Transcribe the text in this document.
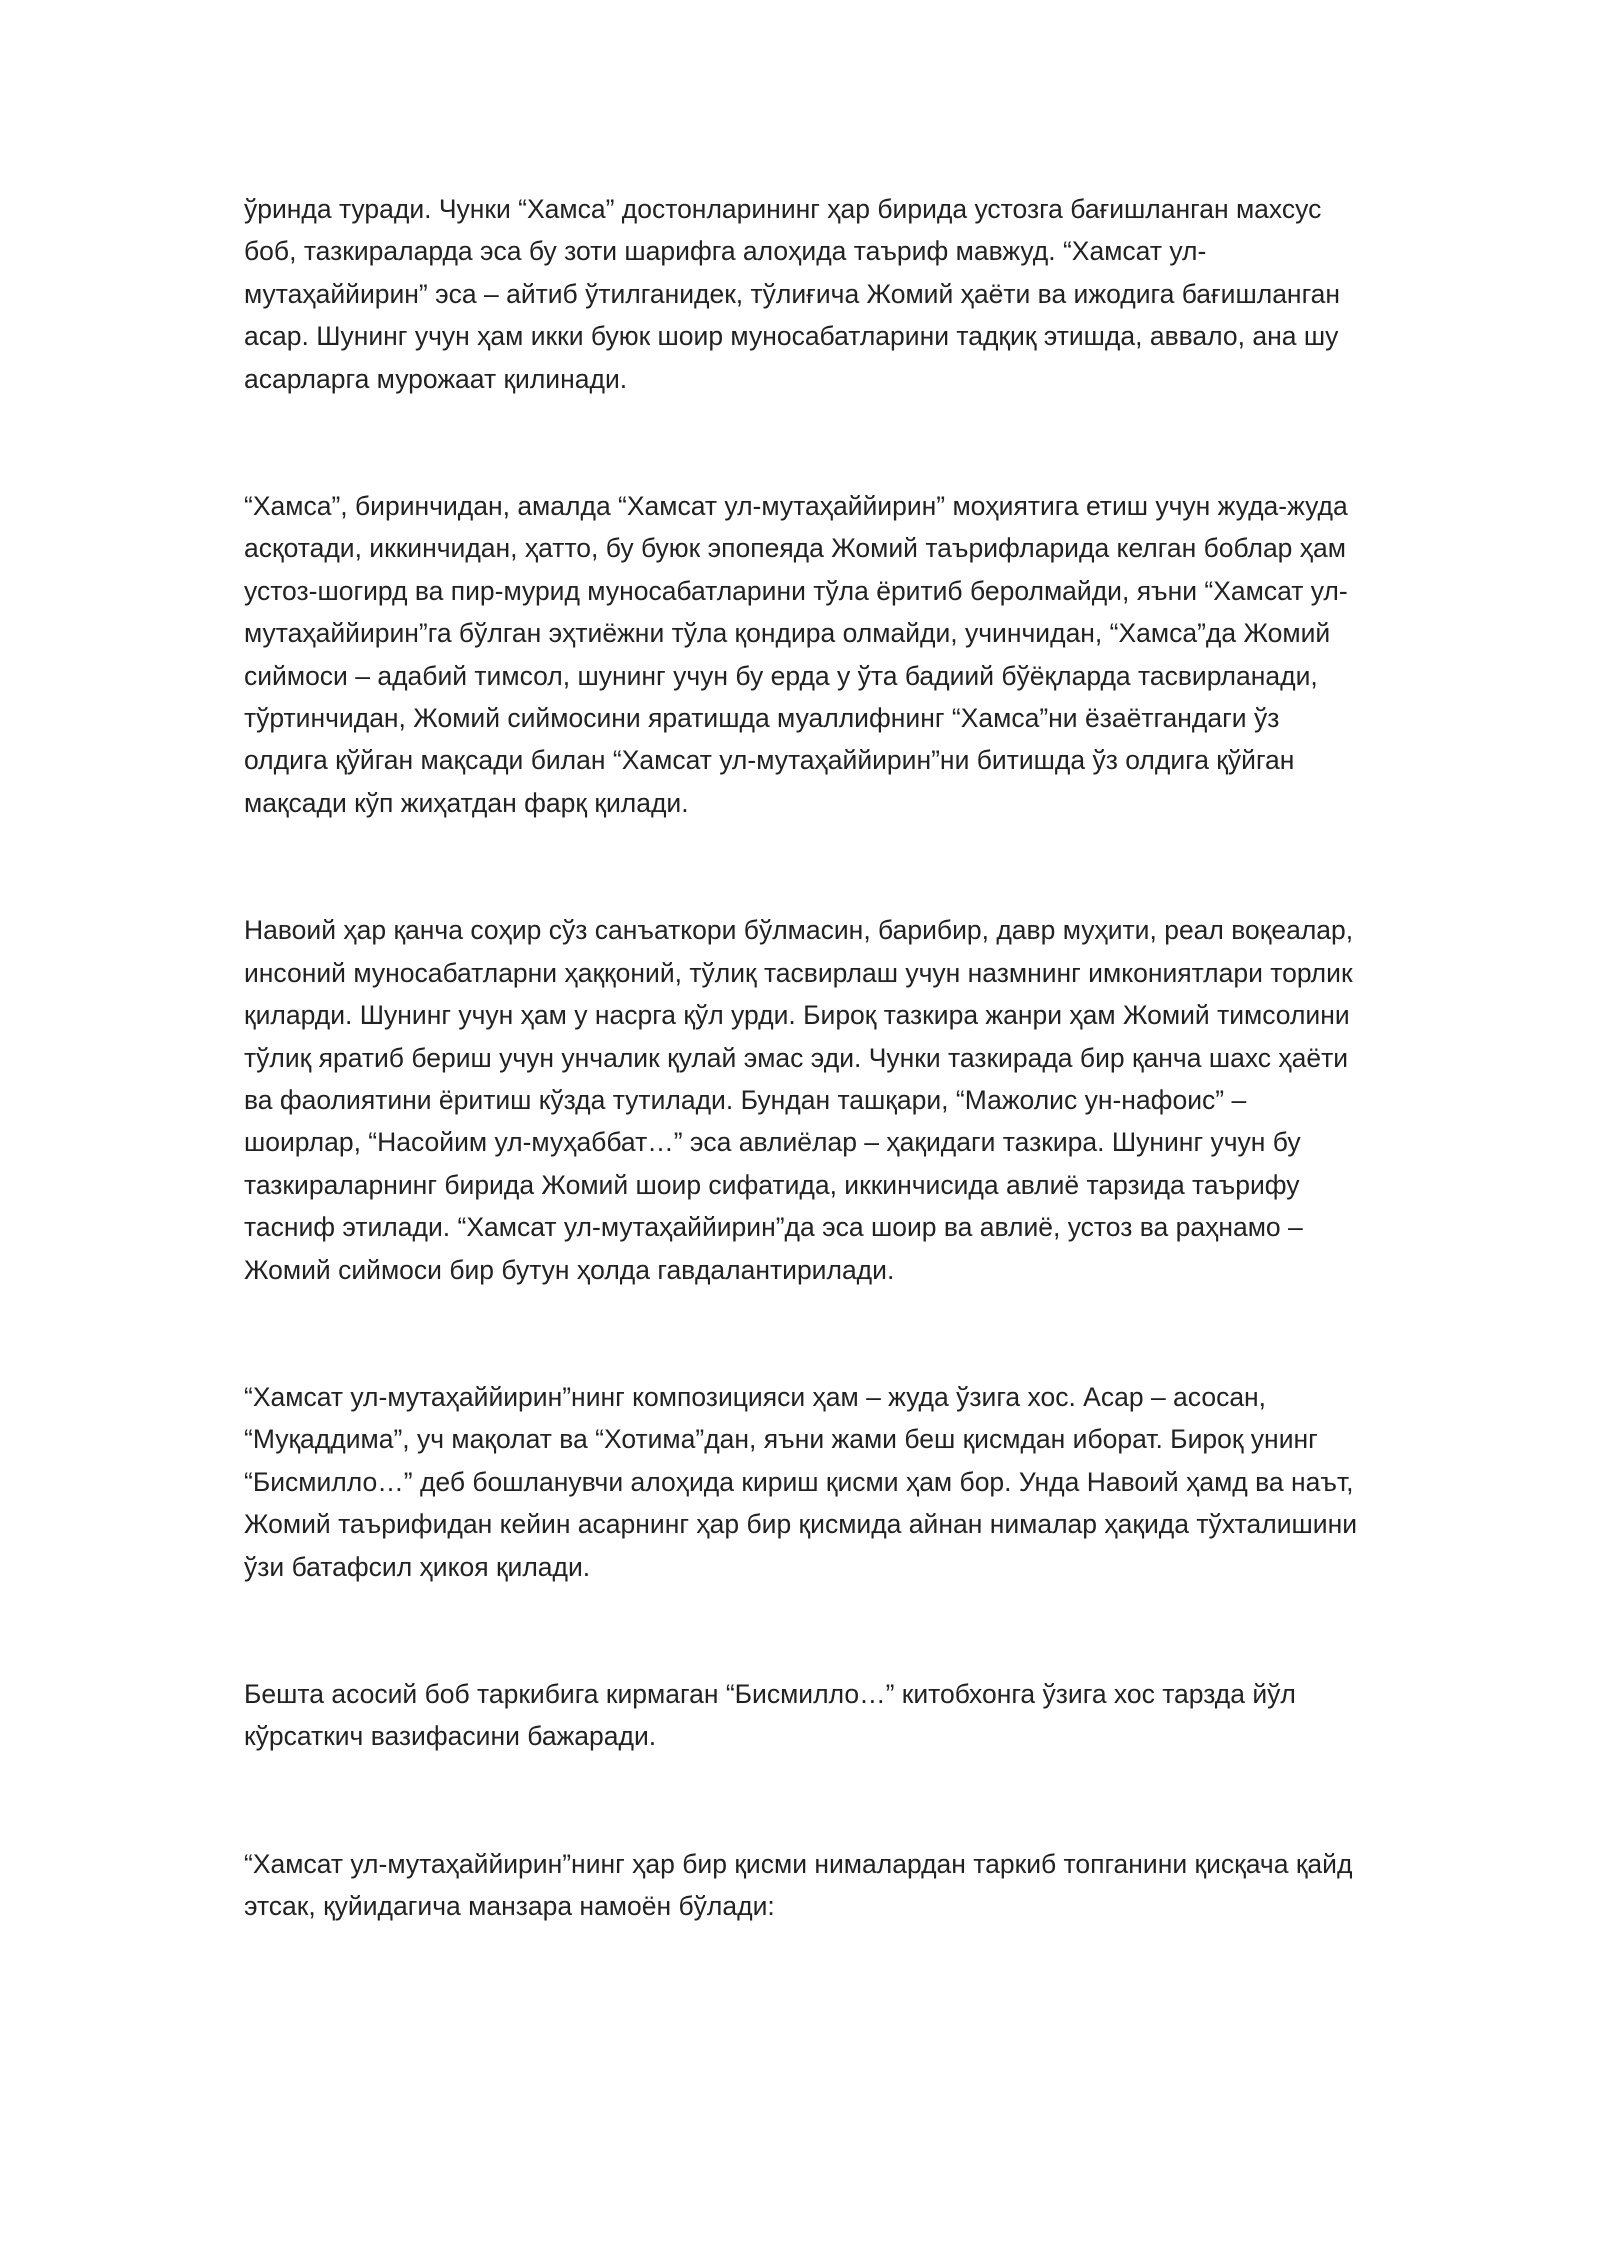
ўринда туради. Чунки “Хамса” достонларининг ҳар бирида устозга бағишланган махсус боб, тазкираларда эса бу зоти шарифга алоҳида таъриф мавжуд. “Хамсат ул-мутаҳаййирин” эса – айтиб ўтилганидек, тўлиғича Жомий ҳаёти ва ижодига бағишланган асар. Шунинг учун ҳам икки буюк шоир муносабатларини тадқиқ этишда, аввало, ана шу асарларга мурожаат қилинади.

“Хамса”, биринчидан, амалда “Хамсат ул-мутаҳаййирин” моҳиятига етиш учун жуда-жуда асқотади, иккинчидан, ҳатто, бу буюк эпопеяда Жомий таърифларида келган боблар ҳам устоз-шогирд ва пир-мурид муносабатларини тўла ёритиб беролмайди, яъни “Хамсат ул-мутаҳаййирин”га бўлган эҳтиёжни тўла қондира олмайди, учинчидан, “Хамса”да Жомий сиймоси – адабий тимсол, шунинг учун бу ерда у ўта бадиий бўёқларда тасвирланади, тўртинчидан, Жомий сиймосини яратишда муаллифнинг “Хамса”ни ёзаётгандаги ўз олдига қўйган мақсади билан “Хамсат ул-мутаҳаййирин”ни битишда ўз олдига қўйган мақсади кўп жиҳатдан фарқ қилади.

Навоий ҳар қанча соҳир сўз санъаткори бўлмасин, барибир, давр муҳити, реал воқеалар, инсоний муносабатларни ҳаққоний, тўлиқ тасвирлаш учун назмнинг имкониятлари торлик қиларди. Шунинг учун ҳам у насрга қўл урди. Бироқ тазкира жанри ҳам Жомий тимсолини тўлиқ яратиб бериш учун унчалик қулай эмас эди. Чунки тазкирада бир қанча шахс ҳаёти ва фаолиятини ёритиш кўзда тутилади. Бундан ташқари, “Мажолис ун-нафоис” – шоирлар, “Насойим ул-муҳаббат…” эса авлиёлар – ҳақидаги тазкира. Шунинг учун бу тазкираларнинг бирида Жомий шоир сифатида, иккинчисида авлиё тарзида таърифу тасниф этилади. “Хамсат ул-мутаҳаййирин”да эса шоир ва авлиё, устоз ва раҳнамо – Жомий сиймоси бир бутун ҳолда гавдалантирилади.

“Хамсат ул-мутаҳаййирин”нинг композицияси ҳам – жуда ўзига хос. Асар – асосан, “Муқаддима”, уч мақолат ва “Хотима”дан, яъни жами беш қисмдан иборат. Бироқ унинг “Бисмилло…” деб бошланувчи алоҳида кириш қисми ҳам бор. Унда Навоий ҳамд ва наът, Жомий таърифидан кейин асарнинг ҳар бир қисмида айнан нималар ҳақида тўхталишини ўзи батафсил ҳикоя қилади.

Бешта асосий боб таркибига кирмаган “Бисмилло…” китобхонга ўзига хос тарзда йўл кўрсаткич вазифасини бажаради.

“Хамсат ул-мутаҳаййирин”нинг ҳар бир қисми нималардан таркиб топганини қисқача қайд этсак, қуйидагича манзара намоён бўлади:
